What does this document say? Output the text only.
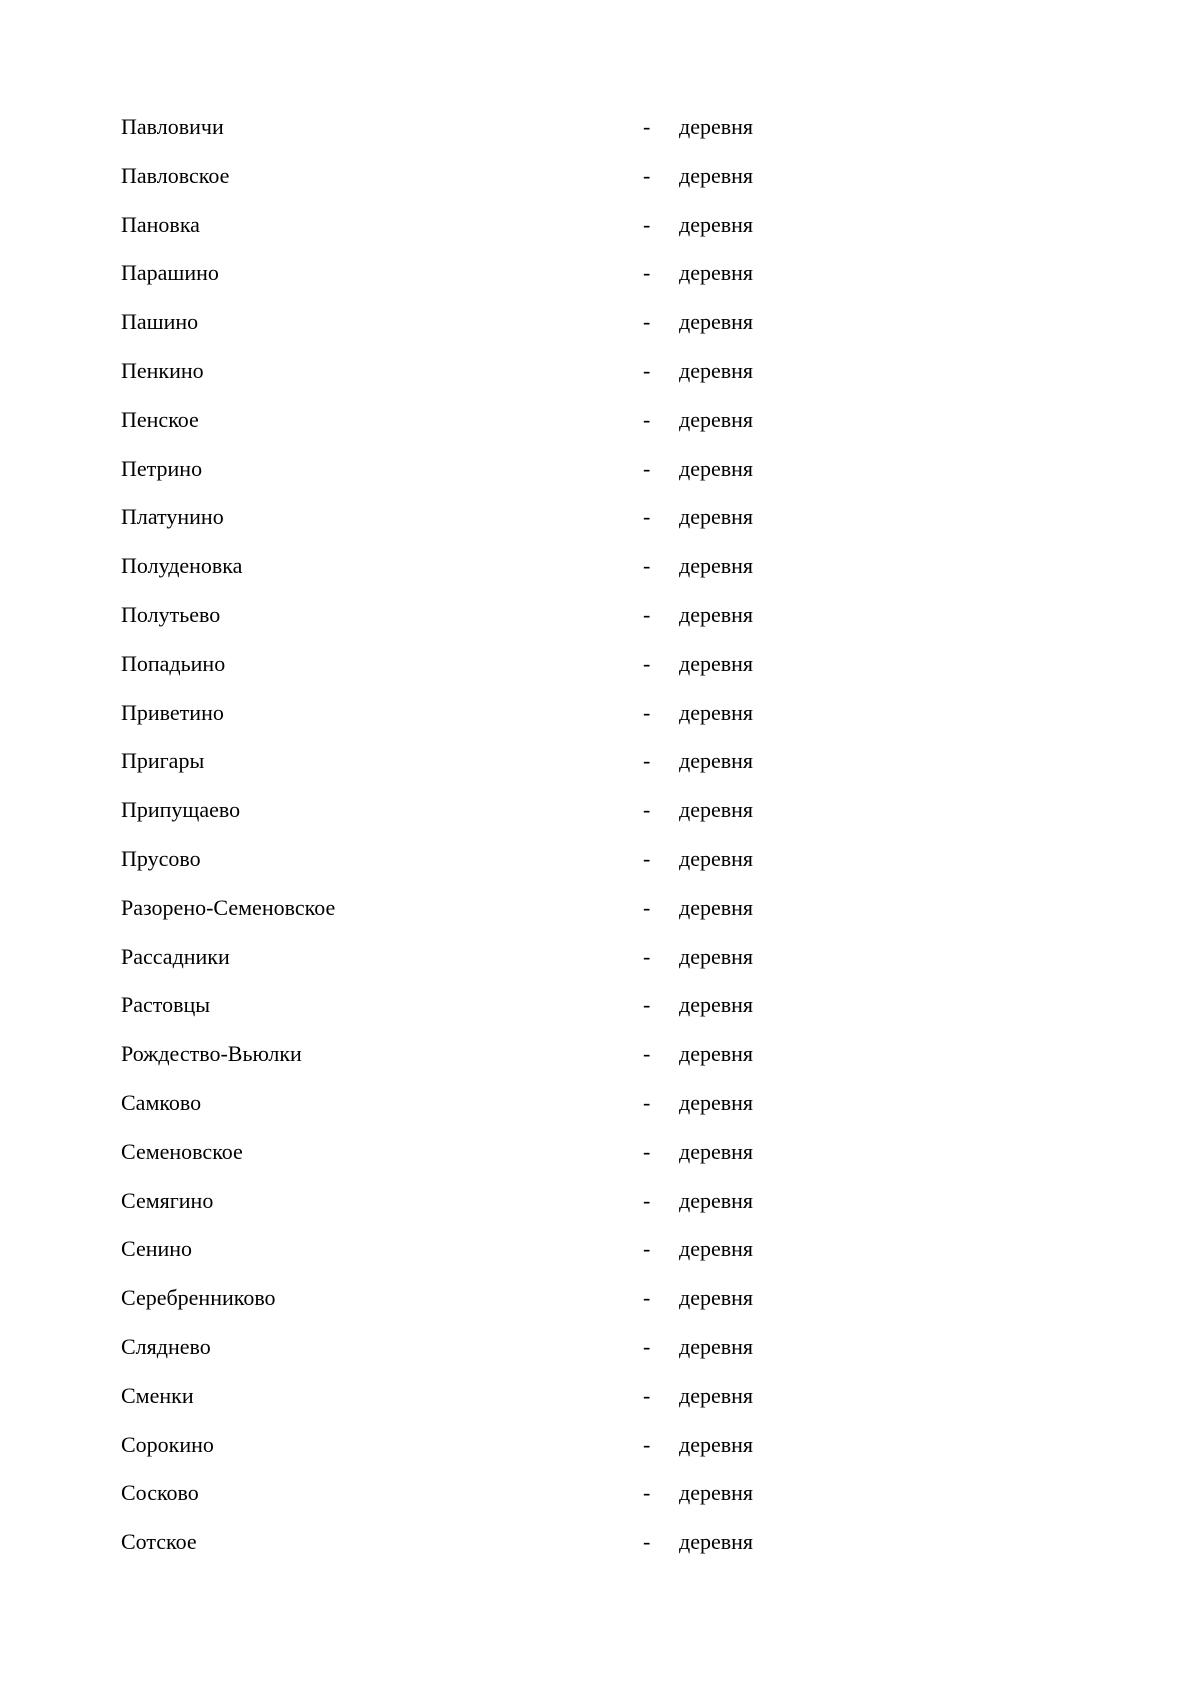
Павловичи	- деревня
Павловское	- деревня
Пановка	- деревня
Парашино	- деревня
Пашино	- деревня
Пенкино	- деревня
Пенское	- деревня
Петрино	- деревня
Платунино	- деревня
Полуденовка	- деревня
Полутьево	- деревня
Попадьино	- деревня
Приветино	- деревня
Пригары	- деревня
Припущаево	- деревня
Прусово	- деревня
Разорено-Семеновское	- деревня
Рассадники	- деревня
Растовцы	- деревня
Рождество-Вьюлки	- деревня
Самково	- деревня
Семеновское	- деревня
Семягино	- деревня
Сенино	- деревня
Серебренниково	- деревня
Сляднево	- деревня
Сменки	- деревня
Сорокино	- деревня
Сосково	- деревня
Сотское	- деревня
